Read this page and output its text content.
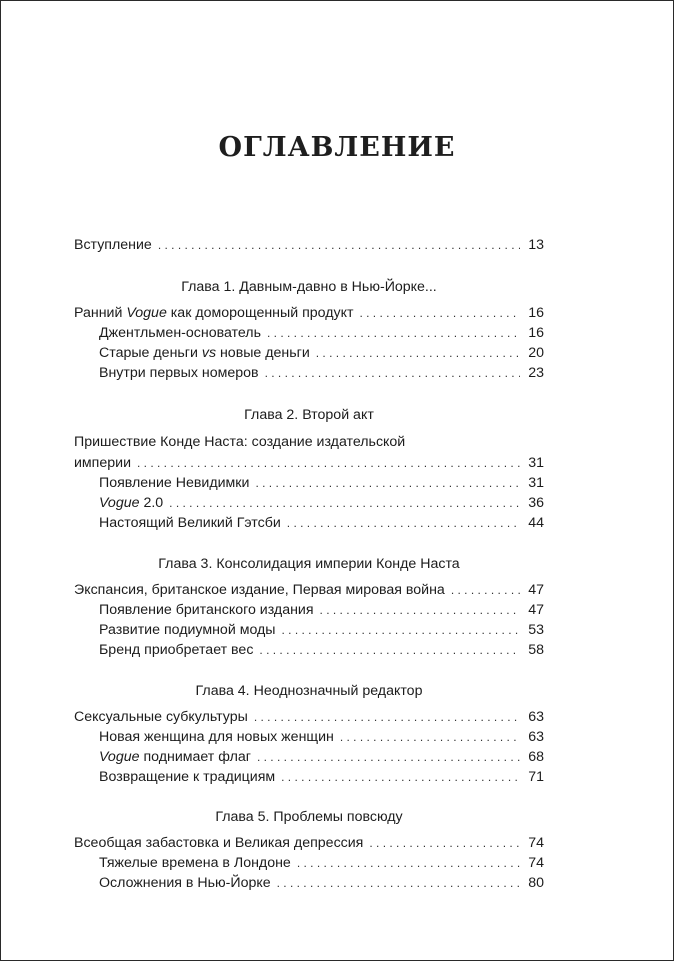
ОГЛАВЛЕНИЕ
Вступление . . .	13
Глава 1. Давным-давно в Нью-Йорке...
Ранний Vogue как доморощенный продукт . . .	16
Джентльмен-основатель . . .	16
Старые деньги vs новые деньги . . .	20
Внутри первых номеров . . .	23
Глава 2. Второй акт
Пришествие Конде Наста: создание издательской
империи . . .	31
Появление Невидимки . . .	31
Vogue 2.0 . . .	36
Настоящий Великий Гэтсби . . .	44
Глава 3. Консолидация империи Конде Наста
Экспансия, британское издание, Первая мировая война . . .	47
Появление британского издания . . .	47
Развитие подиумной моды . . .	53
Бренд приобретает вес . . .	58
Глава 4. Неоднозначный редактор
Сексуальные субкультуры . . .	63
Новая женщина для новых женщин . . .	63
Vogue поднимает флаг . . .	68
Возвращение к традициям . . .	71
Глава 5. Проблемы повсюду
Всеобщая забастовка и Великая депрессия . . .	74
Тяжелые времена в Лондоне . . .	74
Осложнения в Нью-Йорке . . .	80
